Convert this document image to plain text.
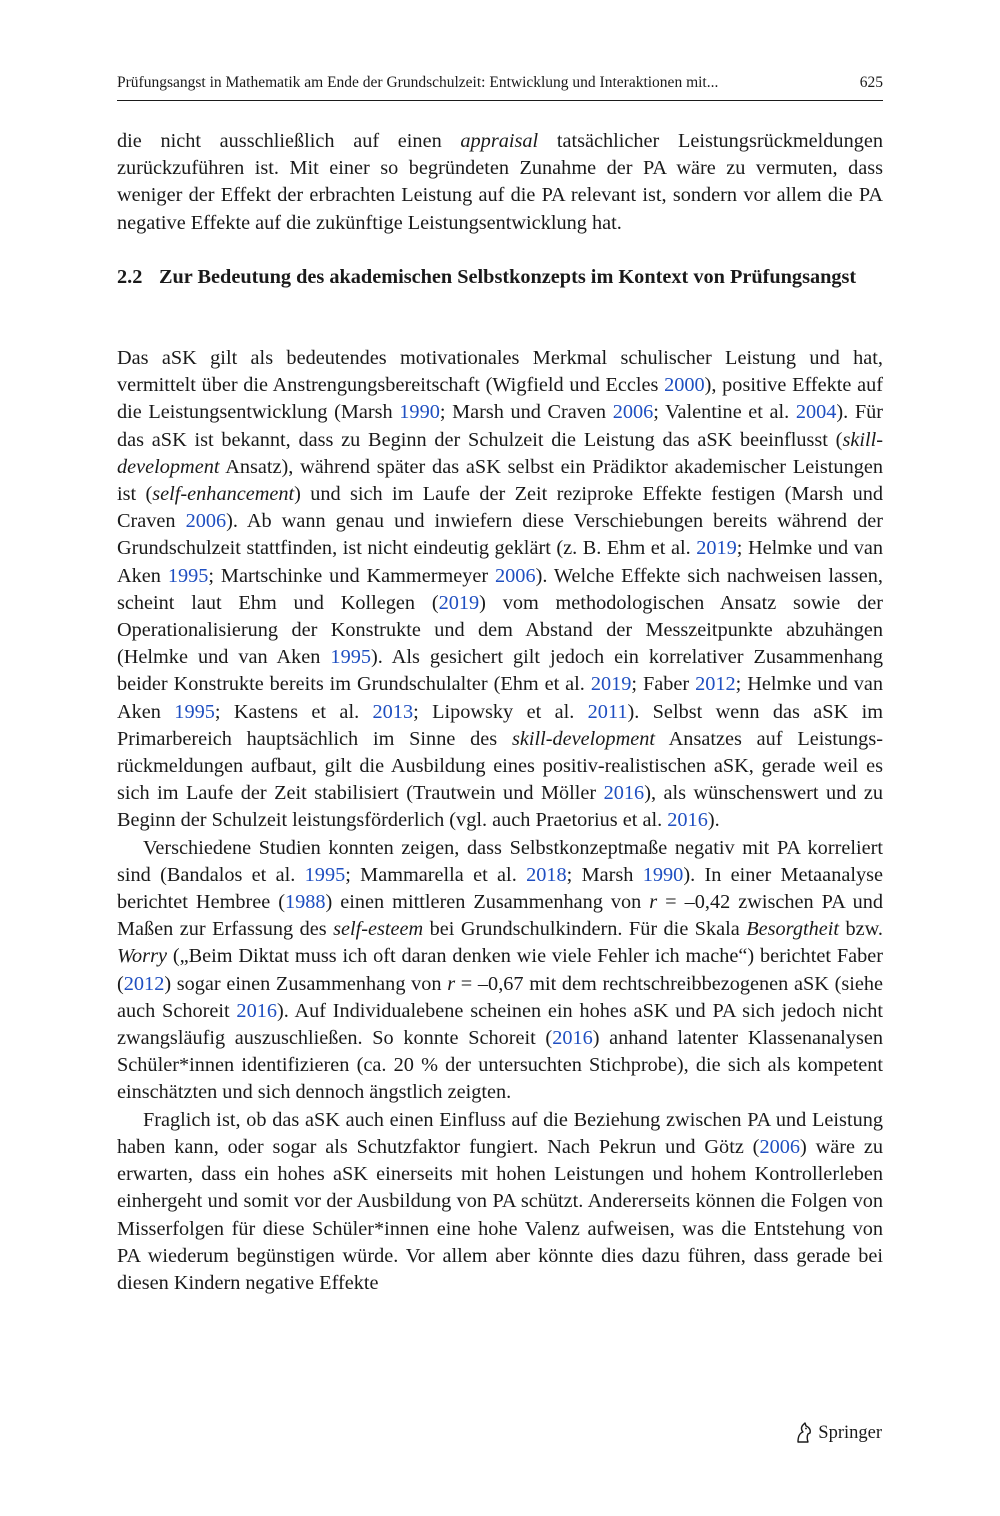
Prüfungsangst in Mathematik am Ende der Grundschulzeit: Entwicklung und Interaktionen mit...	625

die nicht ausschließlich auf einen appraisal tatsächlicher Leistungsrückmeldungen zurückzuführen ist. Mit einer so begründeten Zunahme der PA wäre zu vermuten, dass weniger der Effekt der erbrachten Leistung auf die PA relevant ist, sondern vor allem die PA negative Effekte auf die zukünftige Leistungsentwicklung hat.

2.2 Zur Bedeutung des akademischen Selbstkonzepts im Kontext von Prüfungsangst

Das aSK gilt als bedeutendes motivationales Merkmal schulischer Leistung und hat, vermittelt über die Anstrengungsbereitschaft (Wigfield und Eccles 2000), positive Effekte auf die Leistungsentwicklung (Marsh 1990; Marsh und Craven 2006; Valentine et al. 2004). Für das aSK ist bekannt, dass zu Beginn der Schulzeit die Leistung das aSK beeinflusst (skill-development Ansatz), während später das aSK selbst ein Prädiktor akademischer Leistungen ist (self-enhancement) und sich im Laufe der Zeit reziproke Effekte festigen (Marsh und Craven 2006). Ab wann genau und inwiefern diese Verschiebungen bereits während der Grundschulzeit stattfinden, ist nicht eindeutig geklärt (z. B. Ehm et al. 2019; Helmke und van Aken 1995; Martschinke und Kammermeyer 2006). Welche Effekte sich nachweisen lassen, scheint laut Ehm und Kollegen (2019) vom methodologischen Ansatz sowie der Operationalisierung der Konstrukte und dem Abstand der Messzeitpunkte abzuhängen (Helmke und van Aken 1995). Als gesichert gilt jedoch ein korrelativer Zusammenhang beider Konstrukte bereits im Grundschulalter (Ehm et al. 2019; Faber 2012; Helmke und van Aken 1995; Kastens et al. 2013; Lipowsky et al. 2011). Selbst wenn das aSK im Primarbereich hauptsächlich im Sinne des skill-development Ansatzes auf Leistungsrückmeldungen aufbaut, gilt die Ausbildung eines positiv-realistischen aSK, gerade weil es sich im Laufe der Zeit stabilisiert (Trautwein und Möller 2016), als wünschenswert und zu Beginn der Schulzeit leistungsförderlich (vgl. auch Praetorius et al. 2016).

Verschiedene Studien konnten zeigen, dass Selbstkonzeptmaße negativ mit PA korreliert sind (Bandalos et al. 1995; Mammarella et al. 2018; Marsh 1990). In einer Metaanalyse berichtet Hembree (1988) einen mittleren Zusammenhang von r = –0,42 zwischen PA und Maßen zur Erfassung des self-esteem bei Grundschulkindern. Für die Skala Besorgtheit bzw. Worry („Beim Diktat muss ich oft daran denken wie viele Fehler ich mache“) berichtet Faber (2012) sogar einen Zusammenhang von r = –0,67 mit dem rechtschreibbezogenen aSK (siehe auch Schoreit 2016). Auf Individualebene scheinen ein hohes aSK und PA sich jedoch nicht zwangsläufig auszuschließen. So konnte Schoreit (2016) anhand latenter Klassenanalysen Schüler*innen identifizieren (ca. 20 % der untersuchten Stichprobe), die sich als kompetent einschätzten und sich dennoch ängstlich zeigten.

Fraglich ist, ob das aSK auch einen Einfluss auf die Beziehung zwischen PA und Leistung haben kann, oder sogar als Schutzfaktor fungiert. Nach Pekrun und Götz (2006) wäre zu erwarten, dass ein hohes aSK einerseits mit hohen Leistungen und hohem Kontrollerleben einhergeht und somit vor der Ausbildung von PA schützt. Andererseits können die Folgen von Misserfolgen für diese Schüler*innen eine hohe Valenz aufweisen, was die Entstehung von PA wiederum begünstigen würde. Vor allem aber könnte dies dazu führen, dass gerade bei diesen Kindern negative Effekte

Springer
